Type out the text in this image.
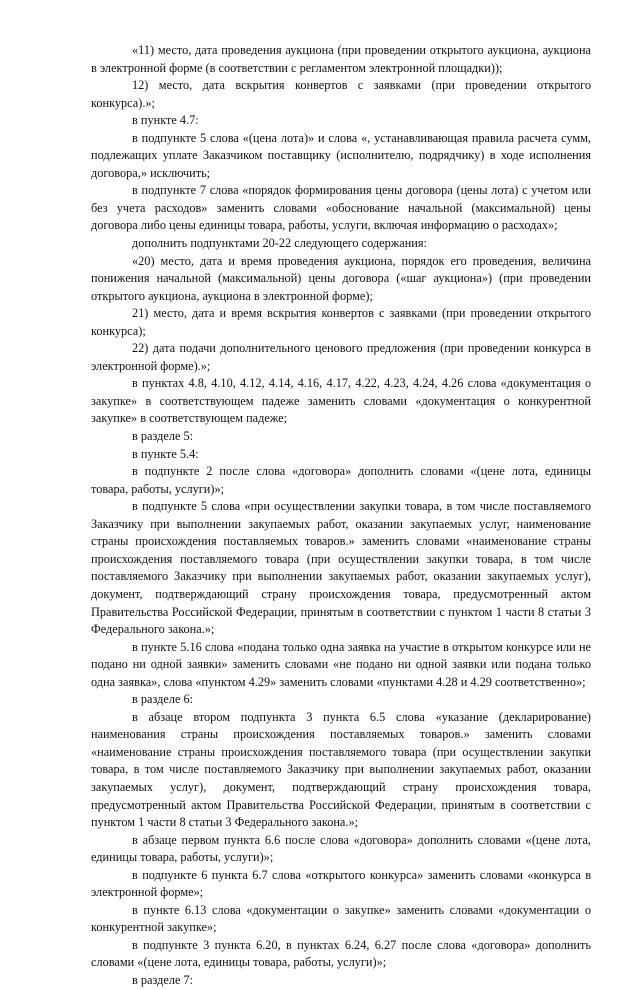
«11) место, дата проведения аукциона (при проведении открытого аукциона, аукциона в электронной форме (в соответствии с регламентом электронной площадки));

12) место, дата вскрытия конвертов с заявками (при проведении открытого конкурса).»;

в пункте 4.7:

в подпункте 5 слова «(цена лота)» и слова «, устанавливающая правила расчета сумм, подлежащих уплате Заказчиком поставщику (исполнителю, подрядчику) в ходе исполнения договора,» исключить;

в подпункте 7 слова «порядок формирования цены договора (цены лота) с учетом или без учета расходов» заменить словами «обоснование начальной (максимальной) цены договора либо цены единицы товара, работы, услуги, включая информацию о расходах»;

дополнить подпунктами 20-22 следующего содержания:

«20) место, дата и время проведения аукциона, порядок его проведения, величина понижения начальной (максимальной) цены договора («шаг аукциона») (при проведении открытого аукциона, аукциона в электронной форме);

21) место, дата и время вскрытия конвертов с заявками (при проведении открытого конкурса);

22) дата подачи дополнительного ценового предложения (при проведении конкурса в электронной форме).»;

в пунктах 4.8, 4.10, 4.12, 4.14, 4.16, 4.17, 4.22, 4.23, 4.24, 4.26 слова «документация о закупке» в соответствующем падеже заменить словами «документация о конкурентной закупке» в соответствующем падеже;

в разделе 5:

в пункте 5.4:

в подпункте 2 после слова «договора» дополнить словами «(цене лота, единицы товара, работы, услуги)»;

в подпункте 5 слова «при осуществлении закупки товара, в том числе поставляемого Заказчику при выполнении закупаемых работ, оказании закупаемых услуг, наименование страны происхождения поставляемых товаров.» заменить словами «наименование страны происхождения поставляемого товара (при осуществлении закупки товара, в том числе поставляемого Заказчику при выполнении закупаемых работ, оказании закупаемых услуг), документ, подтверждающий страну происхождения товара, предусмотренный актом Правительства Российской Федерации, принятым в соответствии с пунктом 1 части 8 статьи 3 Федерального закона.»;

в пункте 5.16 слова «подана только одна заявка на участие в открытом конкурсе или не подано ни одной заявки» заменить словами «не подано ни одной заявки или подана только одна заявка», слова «пунктом 4.29» заменить словами «пунктами 4.28 и 4.29 соответственно»;

в разделе 6:

в абзаце втором подпункта 3 пункта 6.5 слова «указание (декларирование) наименования страны происхождения поставляемых товаров.» заменить словами «наименование страны происхождения поставляемого товара (при осуществлении закупки товара, в том числе поставляемого Заказчику при выполнении закупаемых работ, оказании закупаемых услуг), документ, подтверждающий страну происхождения товара, предусмотренный актом Правительства Российской Федерации, принятым в соответствии с пунктом 1 части 8 статьи 3 Федерального закона.»;

в абзаце первом пункта 6.6 после слова «договора» дополнить словами «(цене лота, единицы товара, работы, услуги)»;

в подпункте 6 пункта 6.7 слова «открытого конкурса» заменить словами «конкурса в электронной форме»;

в пункте 6.13 слова «документации о закупке» заменить словами «документации о конкурентной закупке»;

в подпункте 3 пункта 6.20, в пунктах 6.24, 6.27 после слова «договора» дополнить словами «(цене лота, единицы товара, работы, услуги)»;

в разделе 7:
